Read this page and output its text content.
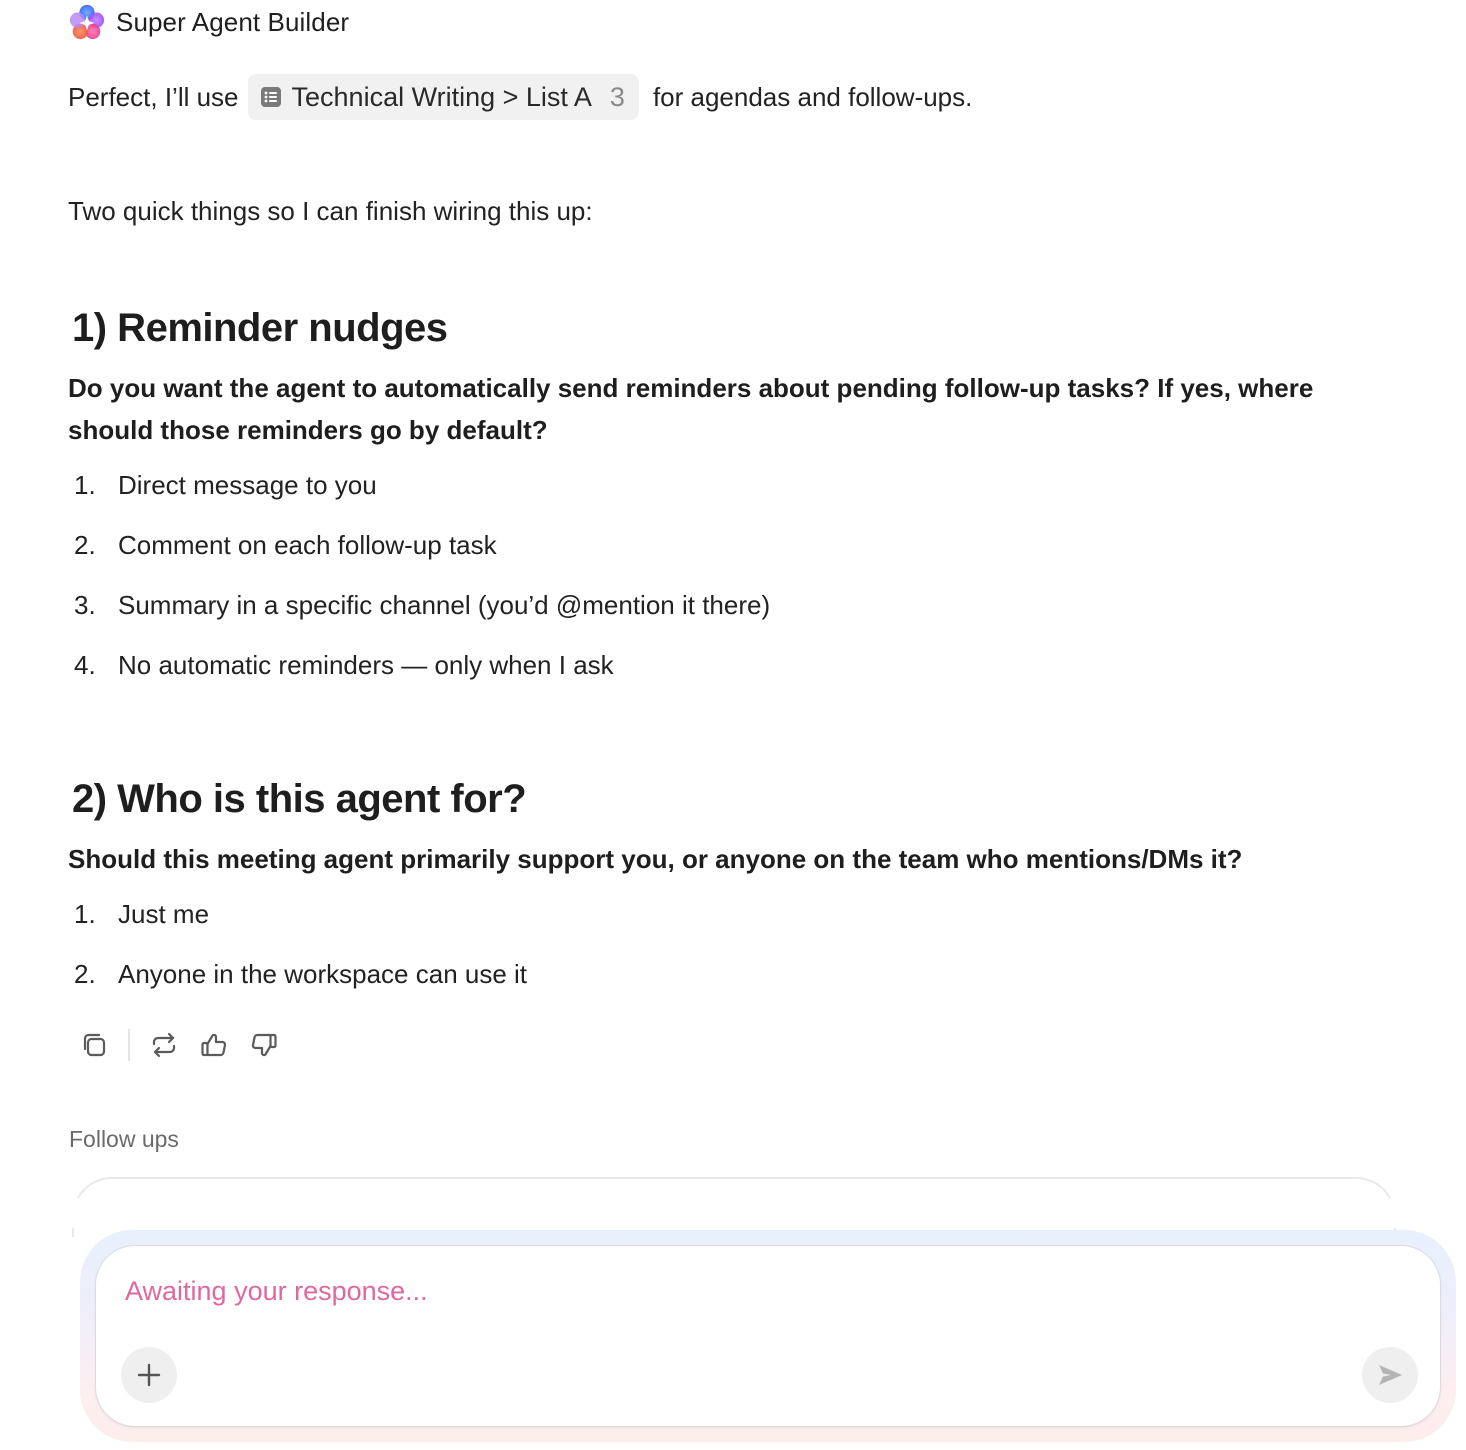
Super Agent Builder
Perfect, I’ll use Technical Writing > List A 3 for agendas and follow-ups.
Two quick things so I can finish wiring this up:
1) Reminder nudges
Do you want the agent to automatically send reminders about pending follow-up tasks? If yes, where should those reminders go by default?
1. Direct message to you
2. Comment on each follow-up task
3. Summary in a specific channel (you’d @mention it there)
4. No automatic reminders — only when I ask
2) Who is this agent for?
Should this meeting agent primarily support you, or anyone on the team who mentions/DMs it?
1. Just me
2. Anyone in the workspace can use it
Follow ups
Awaiting your response...
